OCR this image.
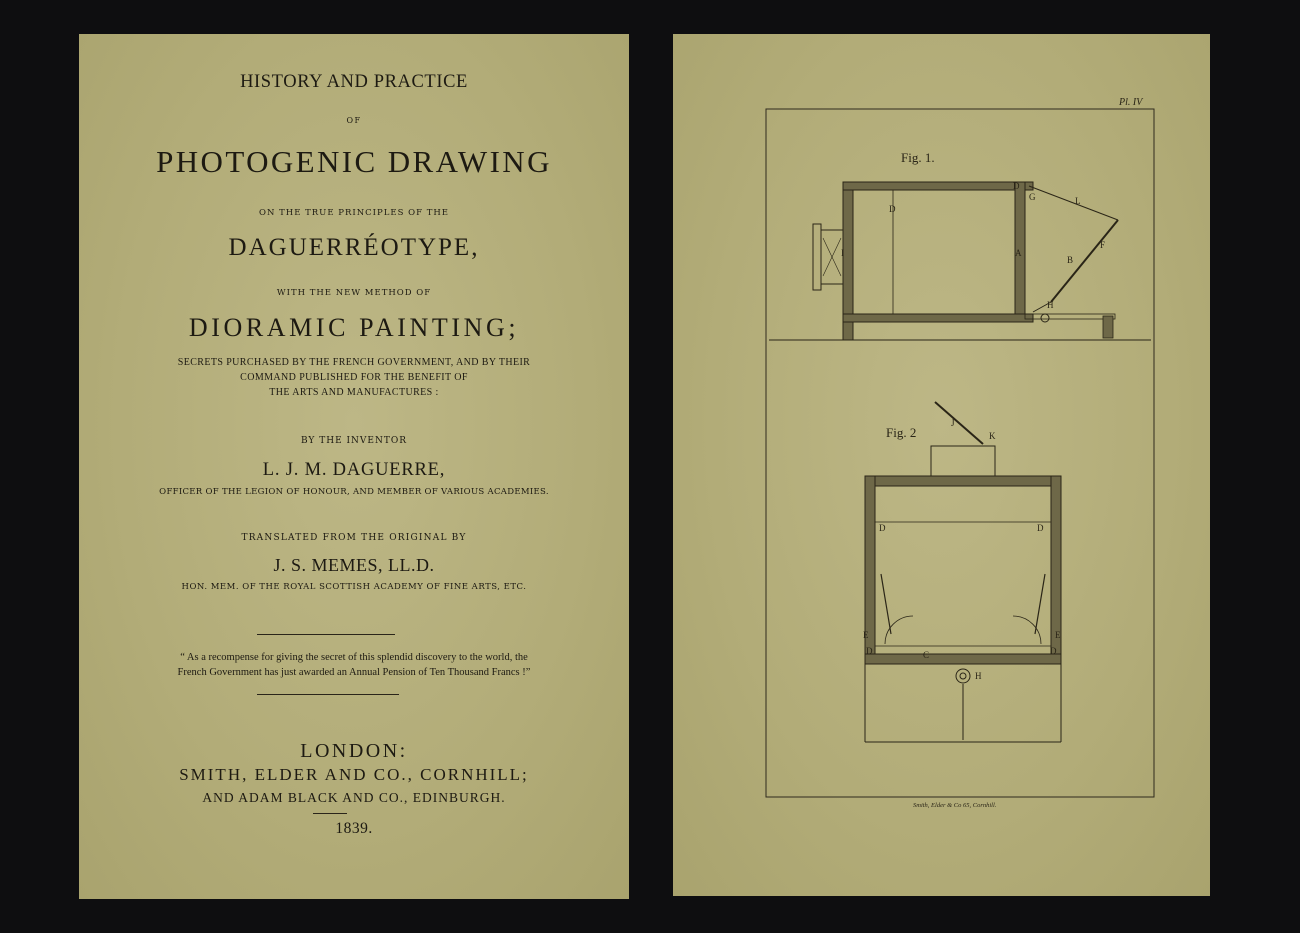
HISTORY AND PRACTICE
OF
PHOTOGENIC DRAWING
ON THE TRUE PRINCIPLES OF THE
DAGUERRÉOTYPE,
WITH THE NEW METHOD OF
DIORAMIC PAINTING;
SECRETS PURCHASED BY THE FRENCH GOVERNMENT, AND BY THEIR
COMMAND PUBLISHED FOR THE BENEFIT OF
THE ARTS AND MANUFACTURES :
BY THE INVENTOR
L. J. M. DAGUERRE,
OFFICER OF THE LEGION OF HONOUR, AND MEMBER OF VARIOUS ACADEMIES.
TRANSLATED FROM THE ORIGINAL BY
J. S. MEMES, LL.D.
HON. MEM. OF THE ROYAL SCOTTISH ACADEMY OF FINE ARTS, ETC.
“ As a recompense for giving the secret of this splendid discovery to the world, the
French Government has just awarded an Annual Pension of Ten Thousand Francs !”
LONDON:
SMITH, ELDER AND CO., CORNHILL;
AND ADAM BLACK AND CO., EDINBURGH.
1839.
Pl. IV
Fig. 1.
D
D
G	L
F
B
A
I
H
Fig. 2
J
K
D	D
E	E
D	D
C
H
Smith, Elder & Co 65, Cornhill.
